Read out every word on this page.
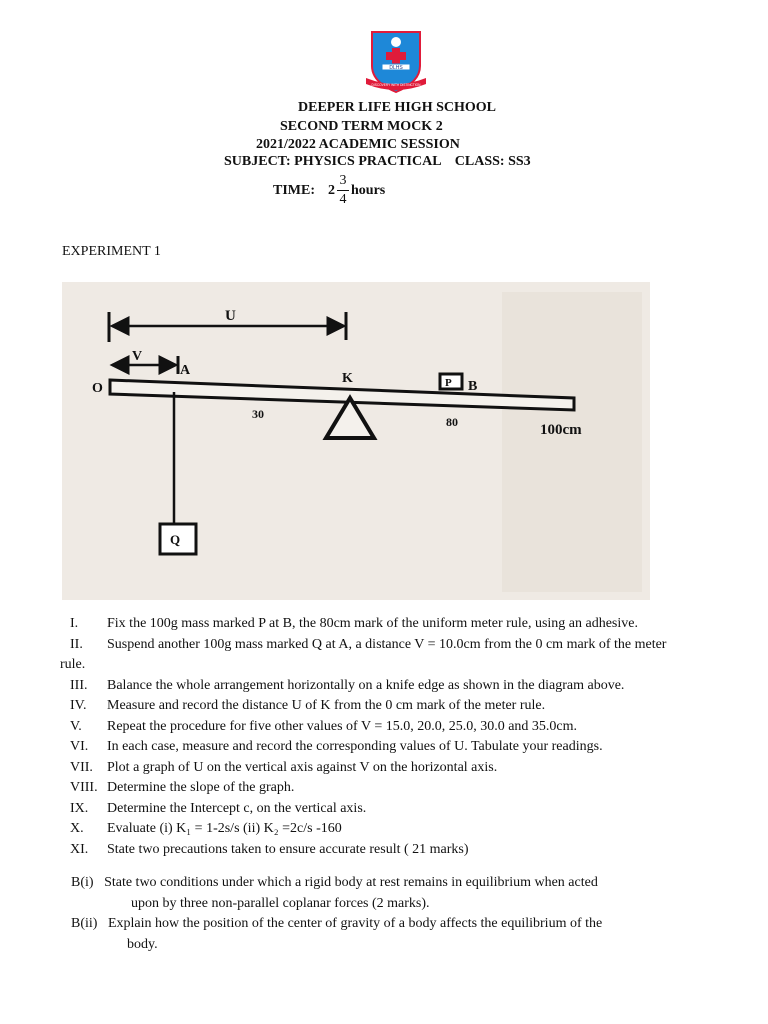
DLHS
DISCOVERY WITH DISTINCTION
DEEPER LIFE HIGH SCHOOL
SECOND TERM MOCK 2
2021/2022 ACADEMIC SESSION
SUBJECT: PHYSICS PRACTICAL    CLASS: SS3
TIME: 2
3
4
hours
EXPERIMENT 1
U
V
A
O
K	P B
30
80	100cm
Q
I.	Fix the 100g mass marked P at B, the 80cm mark of the uniform meter rule, using an adhesive.
II.	Suspend another 100g mass marked Q at A, a distance V = 10.0cm from the 0 cm mark of the meter
rule.
III.	Balance the whole arrangement horizontally on a knife edge as shown in the diagram above.
IV.	Measure and record the distance U of K from the 0 cm mark of the meter rule.
V.	Repeat the procedure for five other values of V = 15.0, 20.0, 25.0, 30.0 and 35.0cm.
VI.	In each case, measure and record the corresponding values of U. Tabulate your readings.
VII.	Plot a graph of U on the vertical axis against V on the horizontal axis.
VIII. Determine the slope of the graph.
IX.	Determine the Intercept c, on the vertical axis.
X.	Evaluate (i) K₁ = 1-2s/s (ii) K₂ =2c/s -160
XI.	State two precautions taken to ensure accurate result ( 21 marks)
B(i) State two conditions under which a rigid body at rest remains in equilibrium when acted
upon by three non-parallel coplanar forces (2 marks).
B(ii) Explain how the position of the center of gravity of a body affects the equilibrium of the
body.
